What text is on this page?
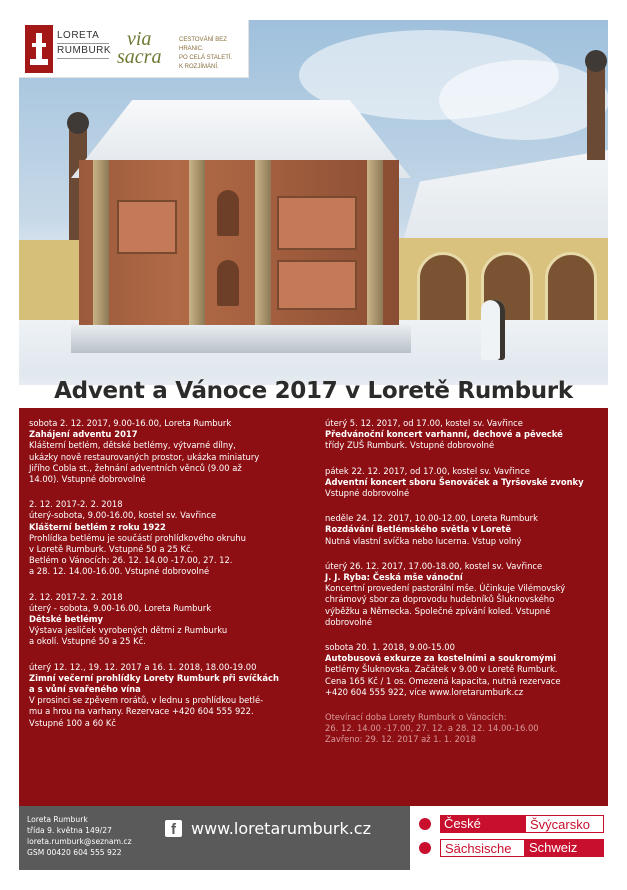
LORETA
RUMBURK
via
sacra
CESTOVÁNÍ BEZ HRANIC.
PO CELÁ STALETÍ.
K ROZJÍMÁNÍ.
Advent a Vánoce 2017 v Loretě Rumburk
sobota 2. 12. 2017, 9.00-16.00, Loreta Rumburk
Zahájení adventu 2017
Klášterní betlém, dětské betlémy, výtvarné dílny,
ukázky nově restaurovaných prostor, ukázka miniatury
Jiřího Cobla st., žehnání adventních věnců (9.00 až
14.00). Vstupné dobrovolné
2. 12. 2017-2. 2. 2018
úterý-sobota, 9.00-16.00, kostel sv. Vavřince
Klášterní betlém z roku 1922
Prohlídka betlému je součástí prohlídkového okruhu
v Loretě Rumburk. Vstupné 50 a 25 Kč.
Betlém o Vánocích: 26. 12. 14.00 -17.00, 27. 12.
a 28. 12. 14.00-16.00. Vstupné dobrovolné
2. 12. 2017-2. 2. 2018
úterý - sobota, 9.00-16.00, Loreta Rumburk
Dětské betlémy
Výstava jesliček vyrobených dětmi z Rumburku
a okolí. Vstupné 50 a 25 Kč.
úterý 12. 12., 19. 12. 2017 a 16. 1. 2018, 18.00-19.00
Zimní večerní prohlídky Lorety Rumburk při svíčkách
a s vůní svařeného vína
V prosinci se zpěvem rorátů, v lednu s prohlídkou betlé-
mu a hrou na varhany. Rezervace +420 604 555 922.
Vstupné 100 a 60 Kč
úterý 5. 12. 2017, od 17.00, kostel sv. Vavřince
Předvánoční koncert varhanní, dechové a pěvecké
třídy ZUŠ Rumburk. Vstupné dobrovolné
pátek 22. 12. 2017, od 17.00, kostel sv. Vavřince
Adventní koncert sboru Šenováček a Tyršovské zvonky
Vstupné dobrovolné
neděle 24. 12. 2017, 10.00-12.00, Loreta Rumburk
Rozdávání Betlémského světla v Loretě
Nutná vlastní svíčka nebo lucerna. Vstup volný
úterý 26. 12. 2017, 17.00-18.00, kostel sv. Vavřince
J. J. Ryba: Česká mše vánoční
Koncertní provedení pastorální mše. Účinkuje Vilémovský
chrámový sbor za doprovodu hudebníků Šluknovského
výběžku a Německa. Společné zpívání koled. Vstupné
dobrovolné
sobota 20. 1. 2018, 9.00-15.00
Autobusová exkurze za kostelními a soukromými
betlémy Šluknovska. Začátek v 9.00 v Loretě Rumburk.
Cena 165 Kč / 1 os. Omezená kapacita, nutná rezervace
+420 604 555 922, více www.loretarumburk.cz
Otevírací doba Lorety Rumburk o Vánocích:
26. 12. 14.00 -17.00, 27. 12. a 28. 12. 14.00-16.00
Zavřeno: 29. 12. 2017 až 1. 1. 2018
Loreta Rumburk
třída 9. května 149/27
loreta.rumburk@seznam.cz
GSM 00420 604 555 922
f www.loretarumburk.cz	České	Švýcarsko
Sächsische	Schweiz
